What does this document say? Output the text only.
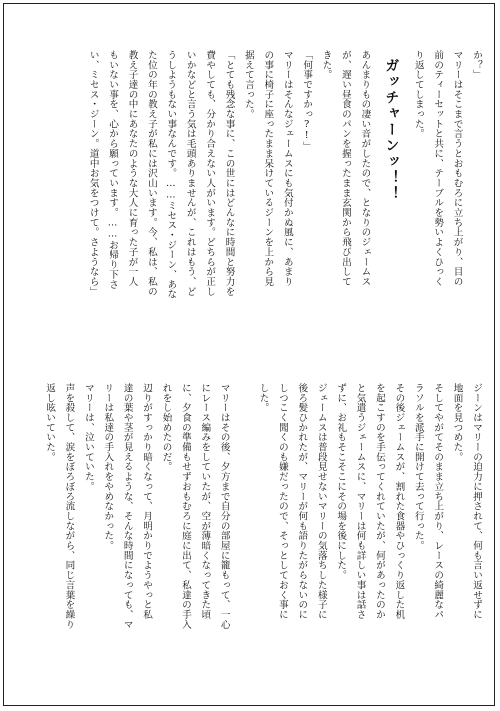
か？」

マリーはそこまで言うとおもむろに立ち上がり、目の
前のティーセットと共に、テーブルを勢いよくひっく
り返してしまった。

ガッチャーンッ！！

あんまりもの凄い音がしたので、となりのジェームス
が、遅い昼食のパンを握ったまま玄関から飛び出して
きた。

「何事ですかっ?!」

マリーはそんなジェームスにも気付かぬ風に、あまり
の事に椅子に座ったまま呆けているジーンを上から見
据えて言った。

「とても残念な事に、この世にはどんなに時間と努力を
費やしても、分かり合えない人がいます。どちらが正し
いかなどと言う気は毛頭ありませんが、これはもう、ど
うしようもない事なんです。……ミセス・ジーン、あな
た位の年の教え子が私には沢山います。今、私は、私の
教え子達の中にあなたのような大人に育った子が一人
もいない事を、心から願っています。……お帰り下さ
い、ミセス・ジーン。道中お気をつけて。さようなら」

ジーンはマリーの迫力に押されて、何も言い返せずに
地面を見つめた。

そしてやがてそのまま立ち上がり、レースの綺麗なパ
ラソルを派手に開けて去って行った。

その後ジェームスが、割れた食器やひっくり返した机
を起こすのを手伝ってくれていたが、何があったのか
と気遣うジェームスに、マリーは何も詳しい事は話さ
ずに、お礼もそこそこにその場を後にした。

ジェームスは普段見せないマリーの気落ちした様子に
後ろ髪ひかれたが、マリーが何も語りたがらないのに
しつこく聞くのも嫌だったので、そっとしておく事に
した。

マリーはその後、夕方まで自分の部屋に籠もって、一心
にレース編みをしていたが、空が薄暗くなってきた頃
に、夕食の準備もせずおもむろに庭に出て、私達の手入
れをし始めたのだ。

辺りがすっかり暗くなって、月明かりでようやっと私
達の葉や茎が見えるような、そんな時間になっても、マ
リーは私達の手入れをやめなかった。

マリーは、泣いていた。

声を殺して、涙をぼろぼろ流しながら、同じ言葉を繰り
返し呟いていた。
